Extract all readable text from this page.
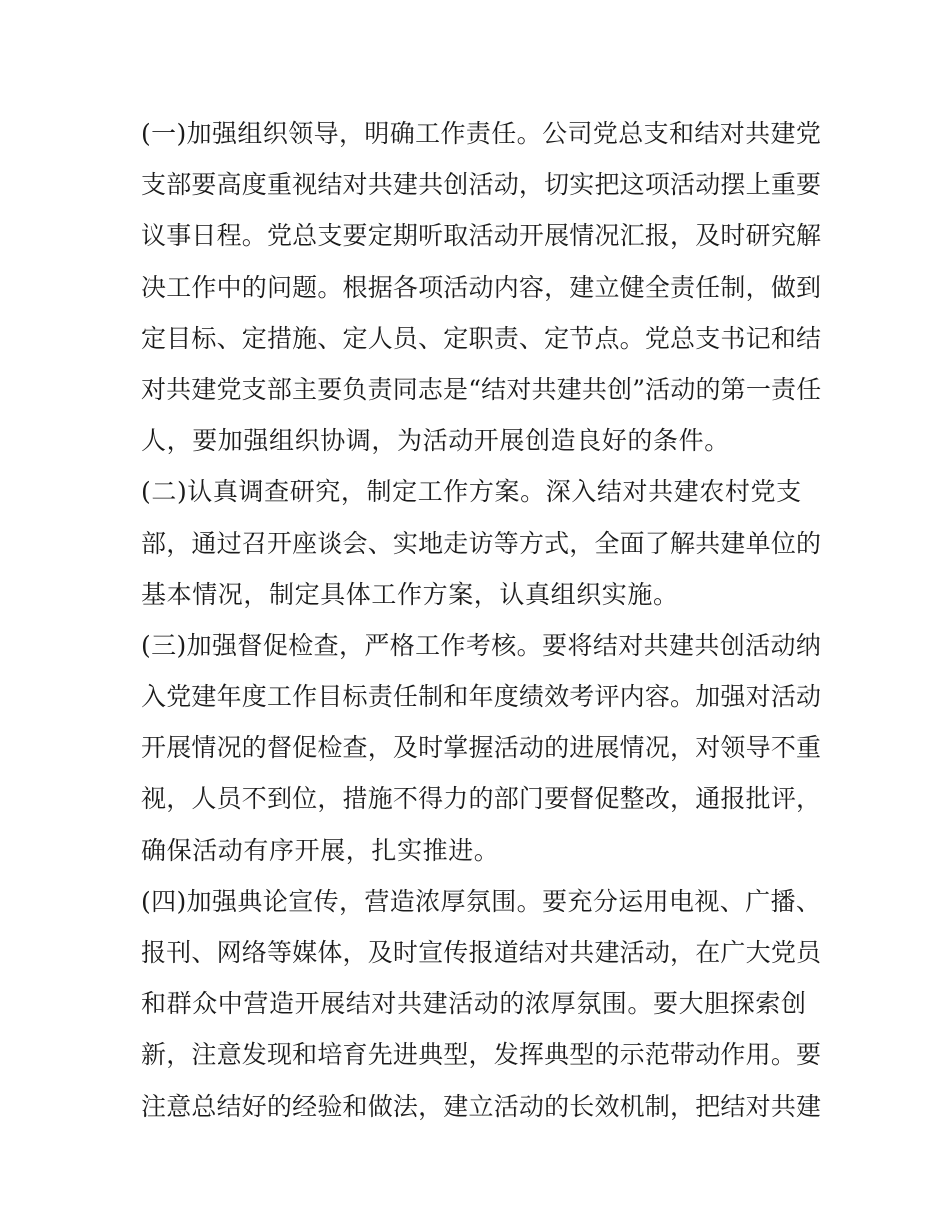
(一)加强组织领导，明确工作责任。公司党总支和结对共建党
支部要高度重视结对共建共创活动，切实把这项活动摆上重要
议事日程。党总支要定期听取活动开展情况汇报，及时研究解
决工作中的问题。根据各项活动内容，建立健全责任制，做到
定目标、定措施、定人员、定职责、定节点。党总支书记和结
对共建党支部主要负责同志是“结对共建共创”活动的第一责任
人，要加强组织协调，为活动开展创造良好的条件。
(二)认真调查研究，制定工作方案。深入结对共建农村党支
部，通过召开座谈会、实地走访等方式，全面了解共建单位的
基本情况，制定具体工作方案，认真组织实施。
(三)加强督促检查，严格工作考核。要将结对共建共创活动纳
入党建年度工作目标责任制和年度绩效考评内容。加强对活动
开展情况的督促检查，及时掌握活动的进展情况，对领导不重
视，人员不到位，措施不得力的部门要督促整改，通报批评，
确保活动有序开展，扎实推进。
(四)加强典论宣传，营造浓厚氛围。要充分运用电视、广播、
报刊、网络等媒体，及时宣传报道结对共建活动，在广大党员
和群众中营造开展结对共建活动的浓厚氛围。要大胆探索创
新，注意发现和培育先进典型，发挥典型的示范带动作用。要
注意总结好的经验和做法，建立活动的长效机制，把结对共建
